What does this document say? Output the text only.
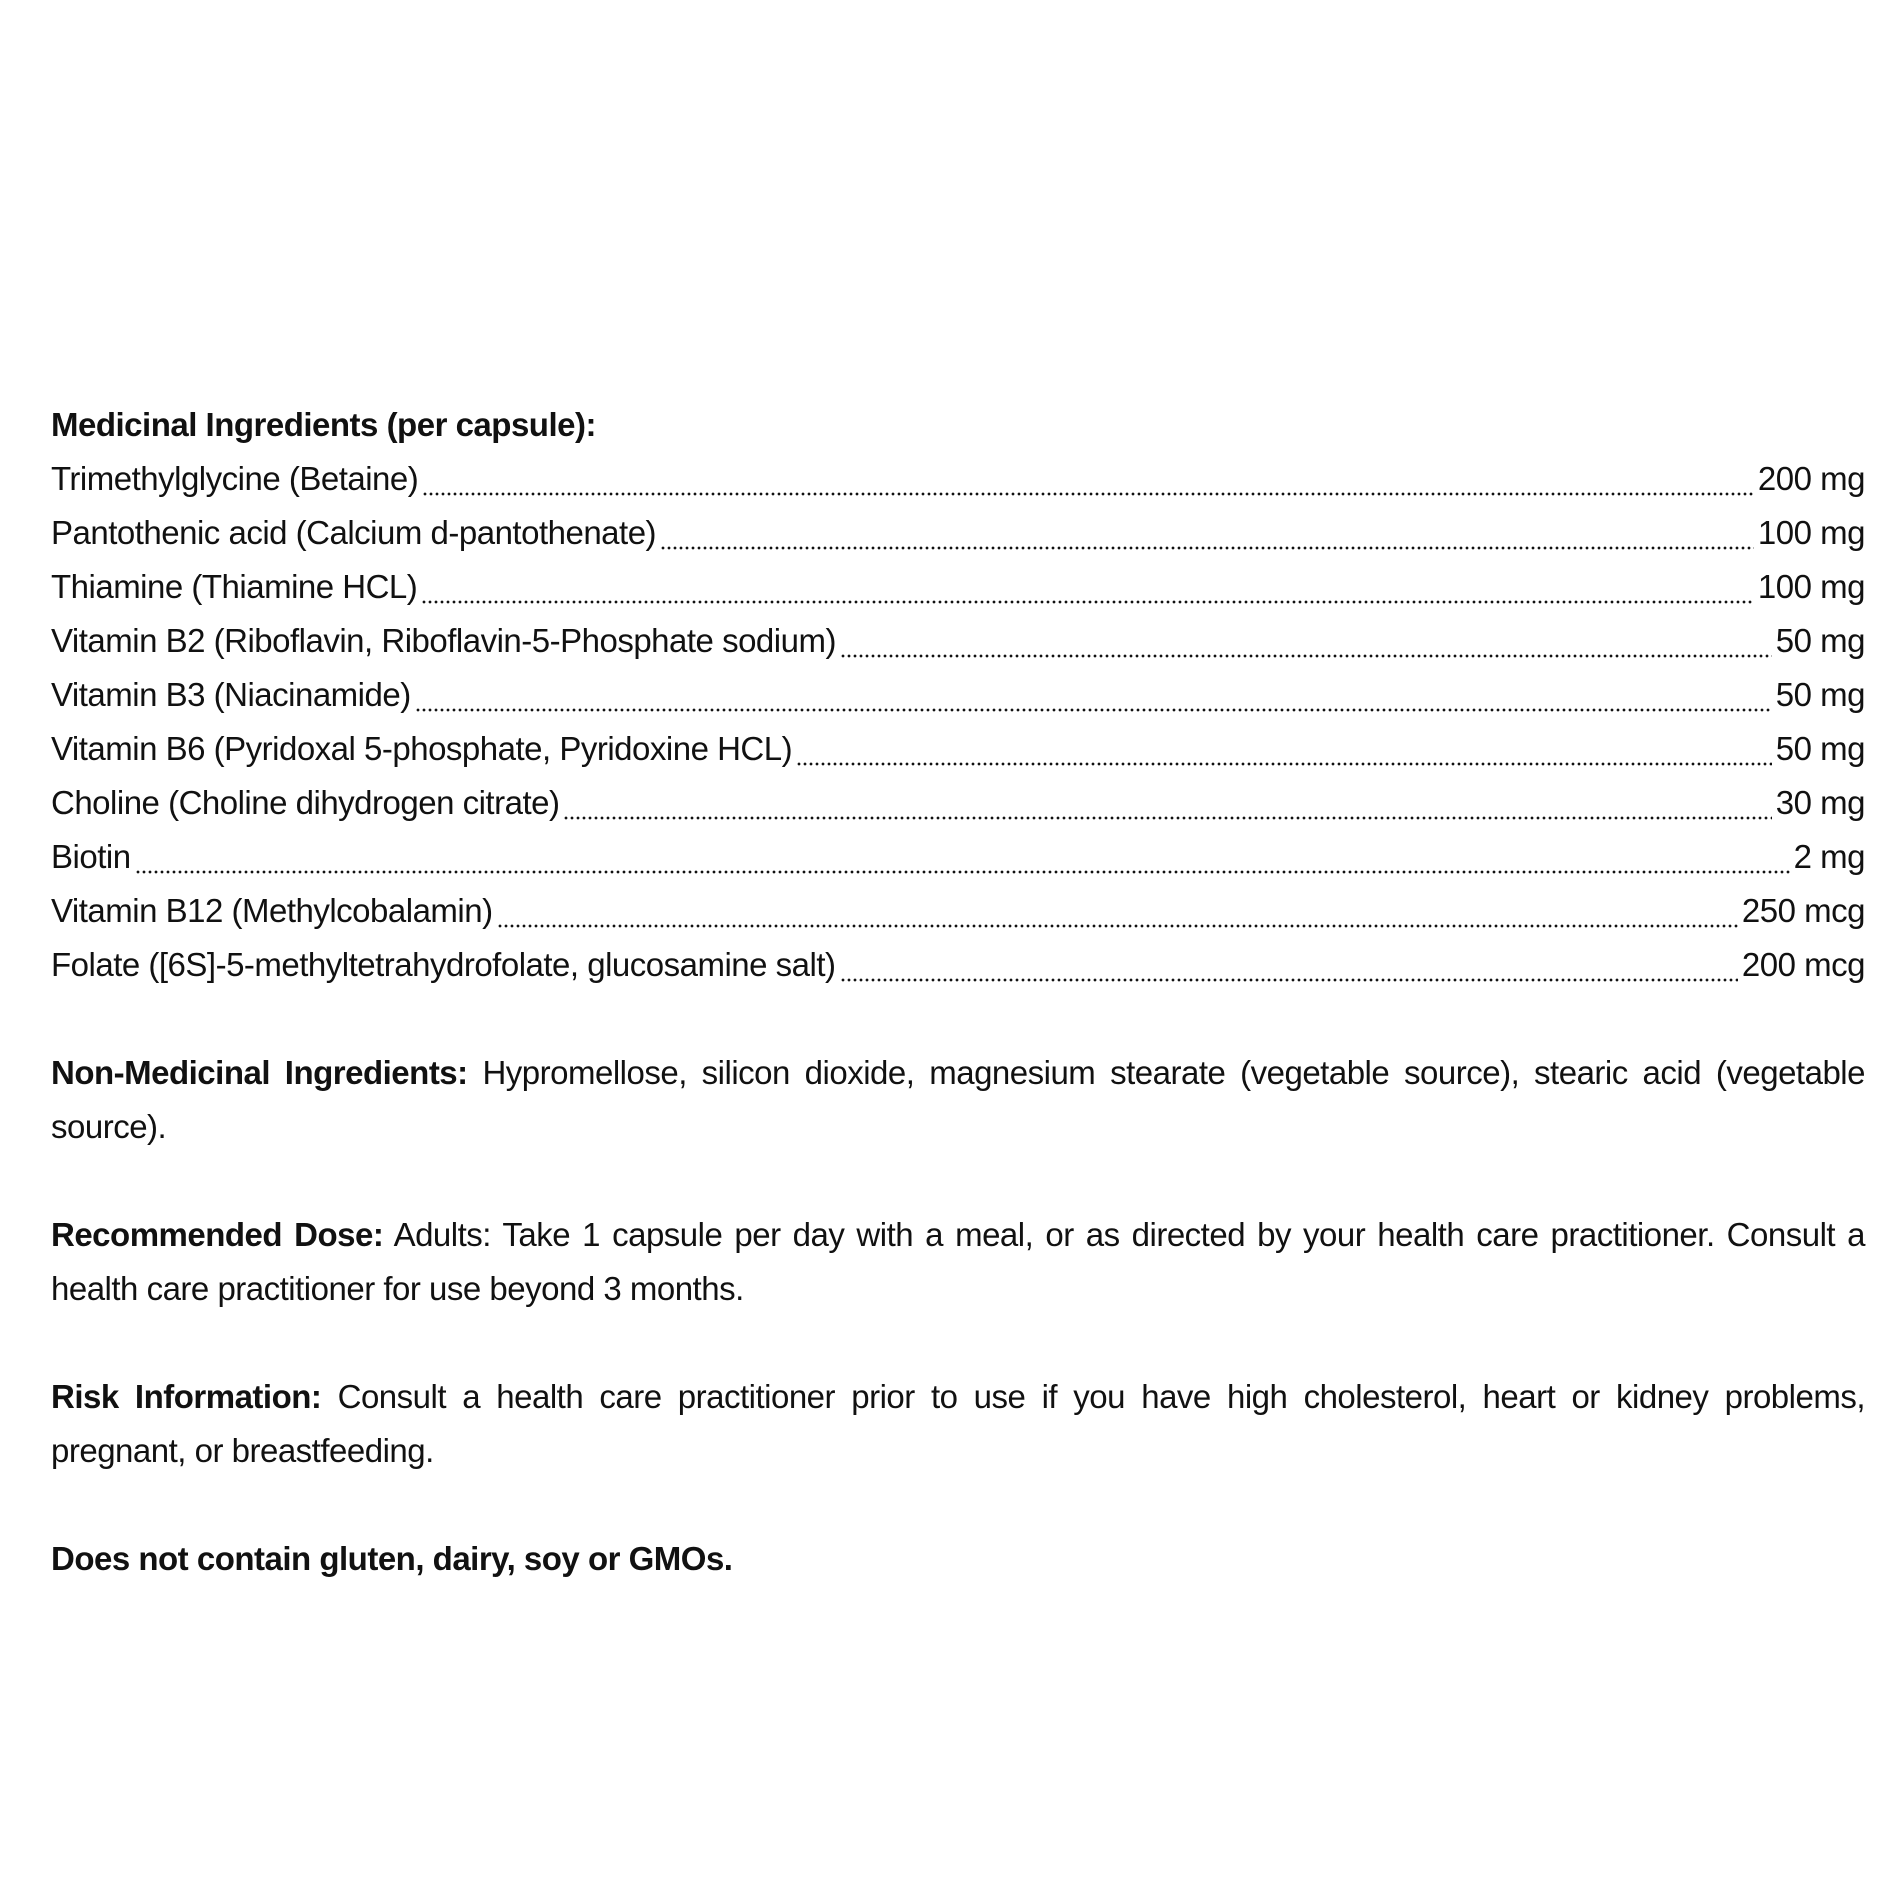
Medicinal Ingredients (per capsule):
Trimethylglycine (Betaine)	200 mg
Pantothenic acid (Calcium d-pantothenate)	100 mg
Thiamine (Thiamine HCL)	100 mg
Vitamin B2 (Riboflavin, Riboflavin-5-Phosphate sodium)	50 mg
Vitamin B3 (Niacinamide)	50 mg
Vitamin B6 (Pyridoxal 5-phosphate, Pyridoxine HCL)	50 mg
Choline (Choline dihydrogen citrate)	30 mg
Biotin	2 mg
Vitamin B12 (Methylcobalamin)	250 mcg
Folate ([6S]-5-methyltetrahydrofolate, glucosamine salt)	200 mcg

Non-Medicinal Ingredients: Hypromellose, silicon dioxide, magnesium stearate (vegetable source), stearic acid (vegetable source).

Recommended Dose: Adults: Take 1 capsule per day with a meal, or as directed by your health care practitioner. Consult a health care practitioner for use beyond 3 months.

Risk Information: Consult a health care practitioner prior to use if you have high cholesterol, heart or kidney problems, pregnant, or breastfeeding.

Does not contain gluten, dairy, soy or GMOs.
